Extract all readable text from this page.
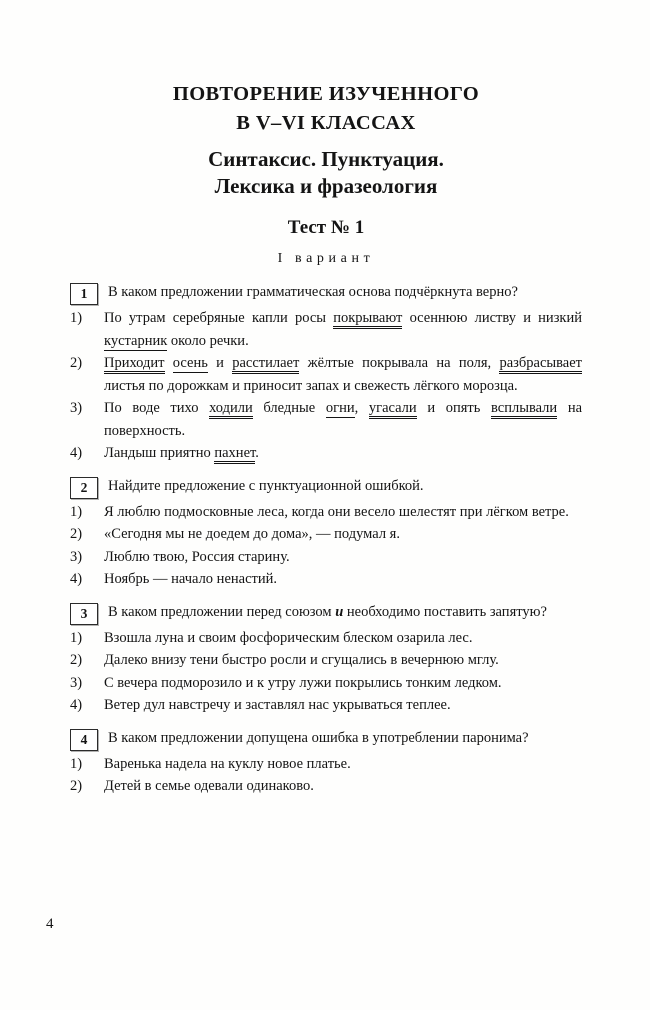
ПОВТОРЕНИЕ ИЗУЧЕННОГО
В V–VI КЛАССАХ
Синтаксис. Пунктуация.
Лексика и фразеология
Тест № 1
I вариант
1	В каком предложении грамматическая основа подчёркнута верно?
1)	По утрам серебряные капли росы покрывают осеннюю листву и низкий кустарник около речки.
2)	Приходит осень и расстилает жёлтые покрывала на поля, разбрасывает листья по дорожкам и приносит запах и свежесть лёгкого морозца.
3)	По воде тихо ходили бледные огни, угасали и опять всплывали на поверхность.
4)	Ландыш приятно пахнет.
2	Найдите предложение с пунктуационной ошибкой.
1)	Я люблю подмосковные леса, когда они весело шелестят при лёгком ветре.
2)	«Сегодня мы не доедем до дома», — подумал я.
3)	Люблю твою, Россия старину.
4)	Ноябрь — начало ненастий.
3	В каком предложении перед союзом и необходимо поставить запятую?
1)	Взошла луна и своим фосфорическим блеском озарила лес.
2)	Далеко внизу тени быстро росли и сгущались в вечернюю мглу.
3)	С вечера подморозило и к утру лужи покрылись тонким ледком.
4)	Ветер дул навстречу и заставлял нас укрываться теплее.
4	В каком предложении допущена ошибка в употреблении паронима?
1)	Варенька надела на куклу новое платье.
2)	Детей в семье одевали одинаково.
4
